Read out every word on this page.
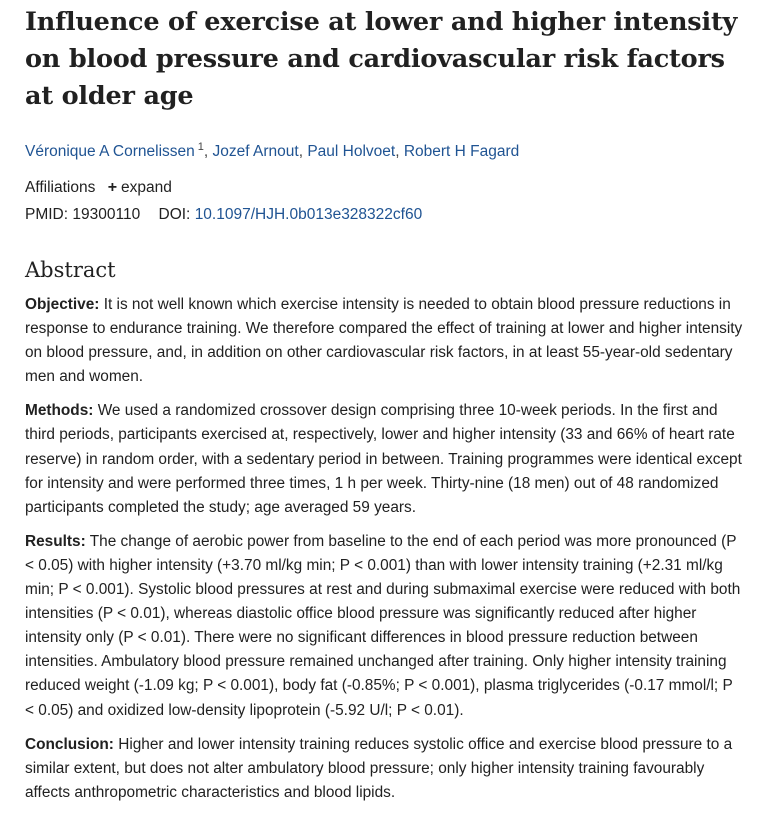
Influence of exercise at lower and higher intensity on blood pressure and cardiovascular risk factors at older age
Véronique A Cornelissen $^1$, Jozef Arnout, Paul Holvoet, Robert H Fagard
Affiliations + expand
PMID: 19300110 DOI: 10.1097/HJH.0b013e328322cf60
Abstract

Objective: It is not well known which exercise intensity is needed to obtain blood pressure reductions in response to endurance training. We therefore compared the effect of training at lower and higher intensity on blood pressure, and, in addition on other cardiovascular risk factors, in at least 55-year-old sedentary men and women.

Methods: We used a randomized crossover design comprising three 10-week periods. In the first and third periods, participants exercised at, respectively, lower and higher intensity (33 and 66% of heart rate reserve) in random order, with a sedentary period in between. Training programmes were identical except for intensity and were performed three times, 1 h per week. Thirty-nine (18 men) out of 48 randomized participants completed the study; age averaged 59 years.

Results: The change of aerobic power from baseline to the end of each period was more pronounced (P < 0.05) with higher intensity (+3.70 ml/kg min; P < 0.001) than with lower intensity training (+2.31 ml/kg min; P < 0.001). Systolic blood pressures at rest and during submaximal exercise were reduced with both intensities (P < 0.01), whereas diastolic office blood pressure was significantly reduced after higher intensity only (P < 0.01). There were no significant differences in blood pressure reduction between intensities. Ambulatory blood pressure remained unchanged after training. Only higher intensity training reduced weight (-1.09 kg; P < 0.001), body fat (-0.85%; P < 0.001), plasma triglycerides (-0.17 mmol/l; P < 0.05) and oxidized low-density lipoprotein (-5.92 U/l; P < 0.01).

Conclusion: Higher and lower intensity training reduces systolic office and exercise blood pressure to a similar extent, but does not alter ambulatory blood pressure; only higher intensity training favourably affects anthropometric characteristics and blood lipids.
